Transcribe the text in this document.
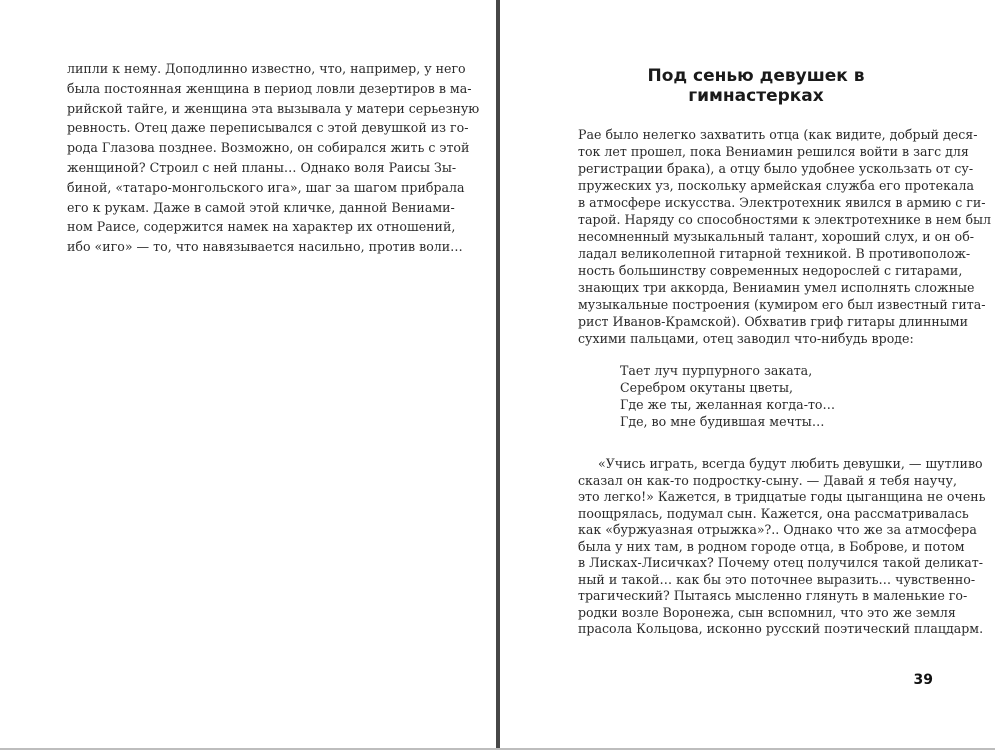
липли к нему. Доподлинно известно, что, например, у него
была постоянная женщина в период ловли дезертиров в ма-
рийской тайге, и женщина эта вызывала у матери серьезную
ревность. Отец даже переписывался с этой девушкой из го-
рода Глазова позднее. Возможно, он собирался жить с этой
женщиной? Строил с ней планы… Однако воля Раисы Зы-
биной, «татаро-монгольского ига», шаг за шагом прибрала
его к рукам. Даже в самой этой кличке, данной Вениами-
ном Раисе, содержится намек на характер их отношений,
ибо «иго» — то, что навязывается насильно, против воли…
Под сенью девушек в гимнастерках
Рае было нелегко захватить отца (как видите, добрый деся-
ток лет прошел, пока Вениамин решился войти в загс для
регистрации брака), а отцу было удобнее ускользать от су-
пружеских уз, поскольку армейская служба его протекала
в атмосфере искусства. Электротехник явился в армию с ги-
тарой. Наряду со способностями к электротехнике в нем был
несомненный музыкальный талант, хороший слух, и он об-
ладал великолепной гитарной техникой. В противополож-
ность большинству современных недорослей с гитарами,
знающих три аккорда, Вениамин умел исполнять сложные
музыкальные построения (кумиром его был известный гита-
рист Иванов-Крамской). Обхватив гриф гитары длинными
сухими пальцами, отец заводил что-нибудь вроде:
Тает луч пурпурного заката,
Серебром окутаны цветы,
Где же ты, желанная когда-то…
Где, во мне будившая мечты…
«Учись играть, всегда будут любить девушки, — шутливо
сказал он как-то подростку-сыну. — Давай я тебя научу,
это легко!» Кажется, в тридцатые годы цыганщина не очень
поощрялась, подумал сын. Кажется, она рассматривалась
как «буржуазная отрыжка»?.. Однако что же за атмосфера
была у них там, в родном городе отца, в Боброве, и потом
в Лисках-Лисичках? Почему отец получился такой деликат-
ный и такой… как бы это поточнее выразить… чувственно-
трагический? Пытаясь мысленно глянуть в маленькие го-
родки возле Воронежа, сын вспомнил, что это же земля
прасола Кольцова, исконно русский поэтический плацдарм.
39
